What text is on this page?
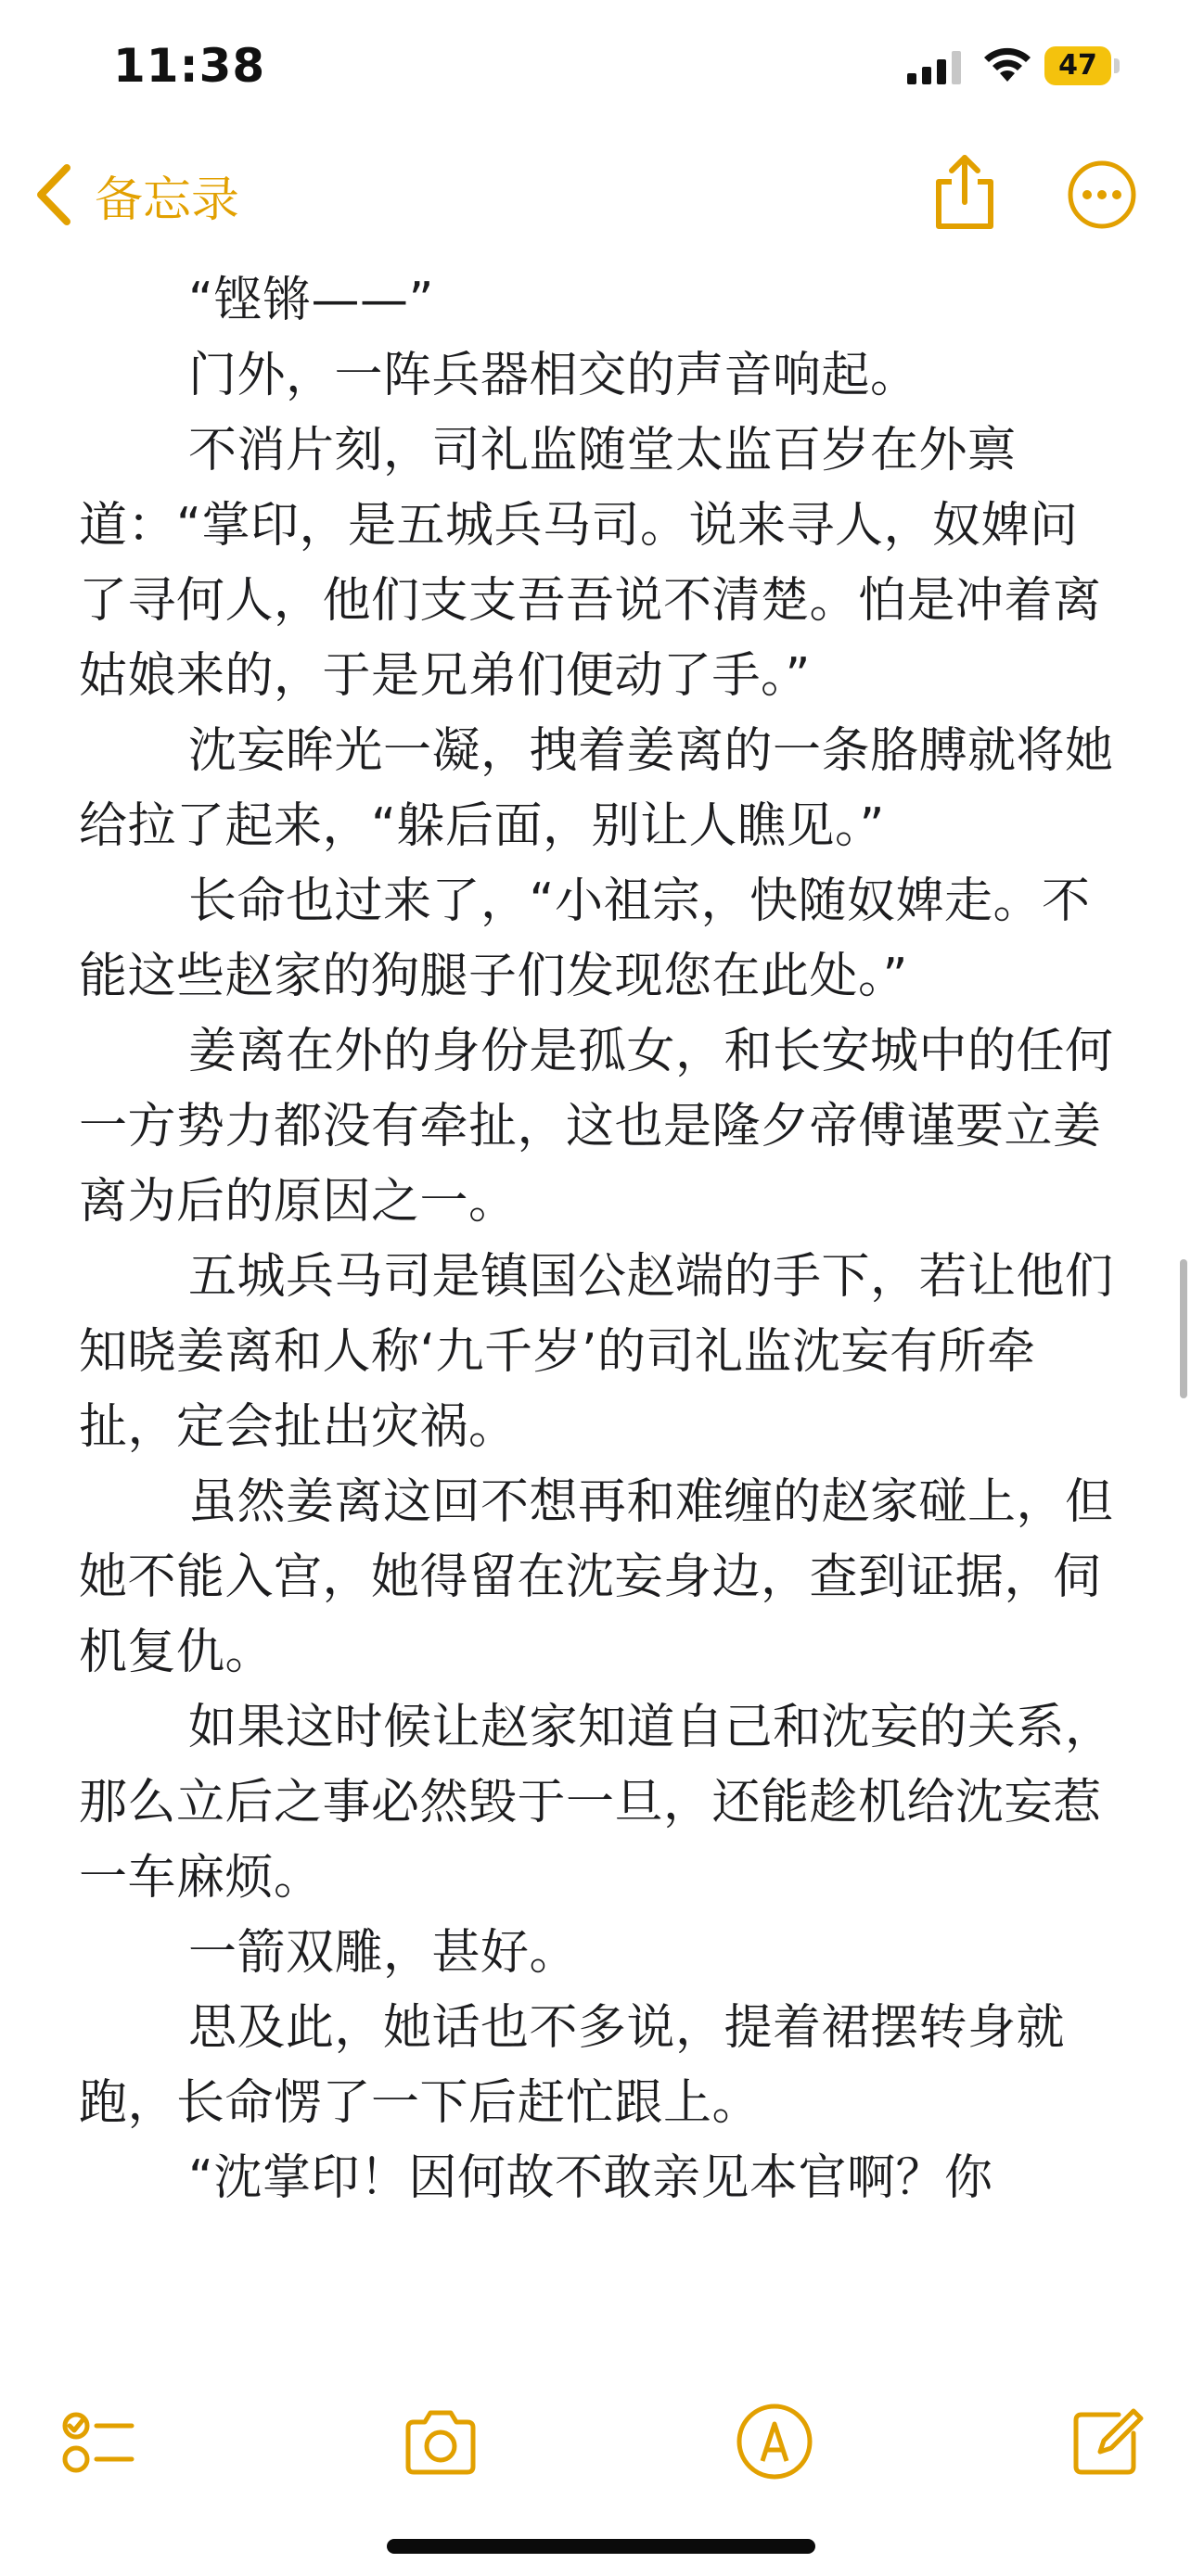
11:38	47
备忘录

“铿锵——”

门外，一阵兵器相交的声音响起。

不消片刻，司礼监随堂太监百岁在外禀道：“掌印，是五城兵马司。说来寻人，奴婢问了寻何人，他们支支吾吾说不清楚。怕是冲着离姑娘来的，于是兄弟们便动了手。”

沈妄眸光一凝，拽着姜离的一条胳膊就将她给拉了起来，“躲后面，别让人瞧见。”

长命也过来了，“小祖宗，快随奴婢走。不能这些赵家的狗腿子们发现您在此处。”

姜离在外的身份是孤女，和长安城中的任何一方势力都没有牵扯，这也是隆夕帝傅谨要立姜离为后的原因之一。

五城兵马司是镇国公赵端的手下，若让他们知晓姜离和人称‘九千岁’的司礼监沈妄有所牵扯，定会扯出灾祸。

虽然姜离这回不想再和难缠的赵家碰上，但她不能入宫，她得留在沈妄身边，查到证据，伺机复仇。

如果这时候让赵家知道自己和沈妄的关系，那么立后之事必然毁于一旦，还能趁机给沈妄惹一车麻烦。

一箭双雕，甚好。

思及此，她话也不多说，提着裙摆转身就跑，长命愣了一下后赶忙跟上。

“沈掌印！因何故不敢亲见本官啊？你
